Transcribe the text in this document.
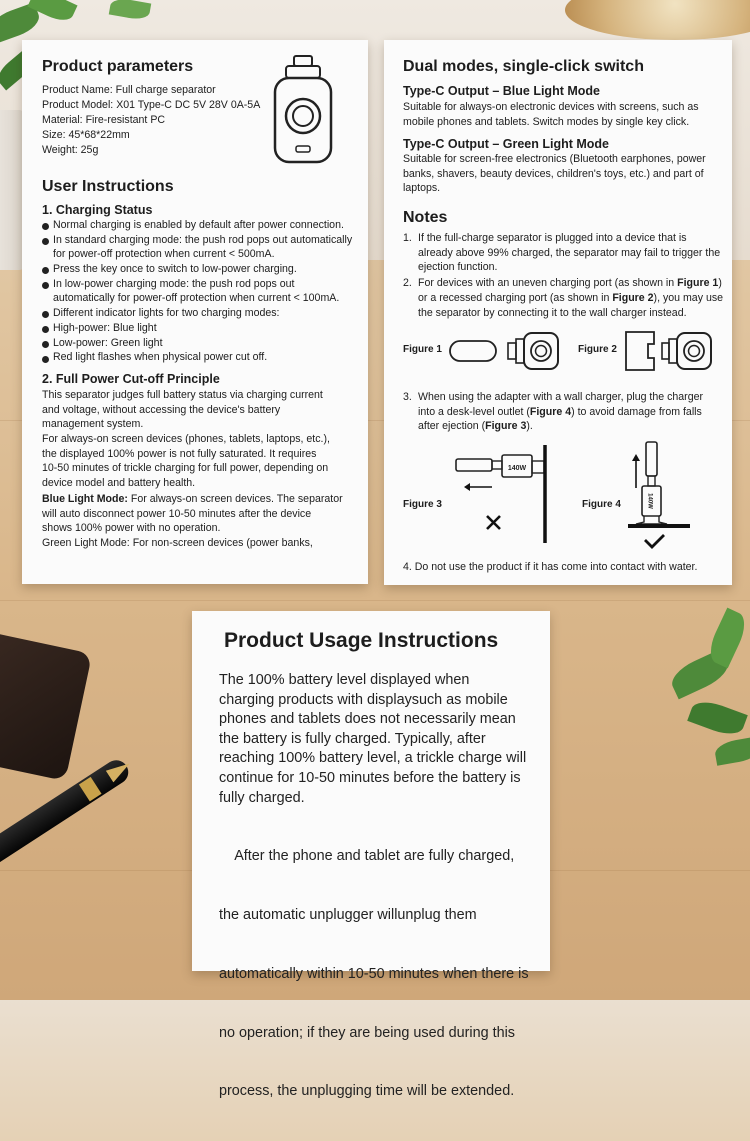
Product parameters
Product Name: Full charge separator
Product Model: X01 Type-C DC 5V 28V 0A-5A
Material: Fire-resistant PC
Size: 45*68*22mm
Weight: 25g
User Instructions
1. Charging Status
Normal charging is enabled by default after power connection.
In standard charging mode: the push rod pops out automatically
for power-off protection when current < 500mA.
Press the key once to switch to low-power charging.
In low-power charging mode: the push rod pops out
automatically for power-off protection when current < 100mA.
Different indicator lights for two charging modes:
High-power: Blue light
Low-power: Green light
Red light flashes when physical power cut off.
2. Full Power Cut-off Principle
This separator judges full battery status via charging current
and voltage, without accessing the device's battery
management system.
For always-on screen devices (phones, tablets, laptops, etc.),
the displayed 100% power is not fully saturated. It requires
10-50 minutes of trickle charging for full power, depending on
device model and battery health.
Blue Light Mode: For always-on screen devices. The separator
will auto disconnect power 10-50 minutes after the device
shows 100% power with no operation.
Green Light Mode: For non-screen devices (power banks,
Dual modes, single-click switch
Type-C Output – Blue Light Mode
Suitable for always-on electronic devices with screens, such as
mobile phones and tablets. Switch modes by single key click.
Type-C Output – Green Light Mode
Suitable for screen-free electronics (Bluetooth earphones, power
banks, shavers, beauty devices, children's toys, etc.) and part of
laptops.
Notes
1. If the full-charge separator is plugged into a device that is
already above 99% charged, the separator may fail to trigger the
ejection function.
2. For devices with an uneven charging port (as shown in Figure 1)
or a recessed charging port (as shown in Figure 2), you may use
the separator by connecting it to the wall charger instead.
Figure 1	Figure 2
3. When using the adapter with a wall charger, plug the charger
into a desk-level outlet (Figure 4) to avoid damage from falls
after ejection (Figure 3).
Figure 3
140W
Figure 4	140W
4. Do not use the product if it has come into contact with water.
Product Usage Instructions
The 100% battery level displayed when
charging products with displaysuch as mobile
phones and tablets does not necessarily mean
the battery is fully charged. Typically, after
reaching 100% battery level, a trickle charge will
continue for 10-50 minutes before the battery is
fully charged.

After the phone and tablet are fully charged,

the automatic unplugger willunplug them

automatically within 10-50 minutes when there is

no operation; if they are being used during this

process, the unplugging time will be extended.
